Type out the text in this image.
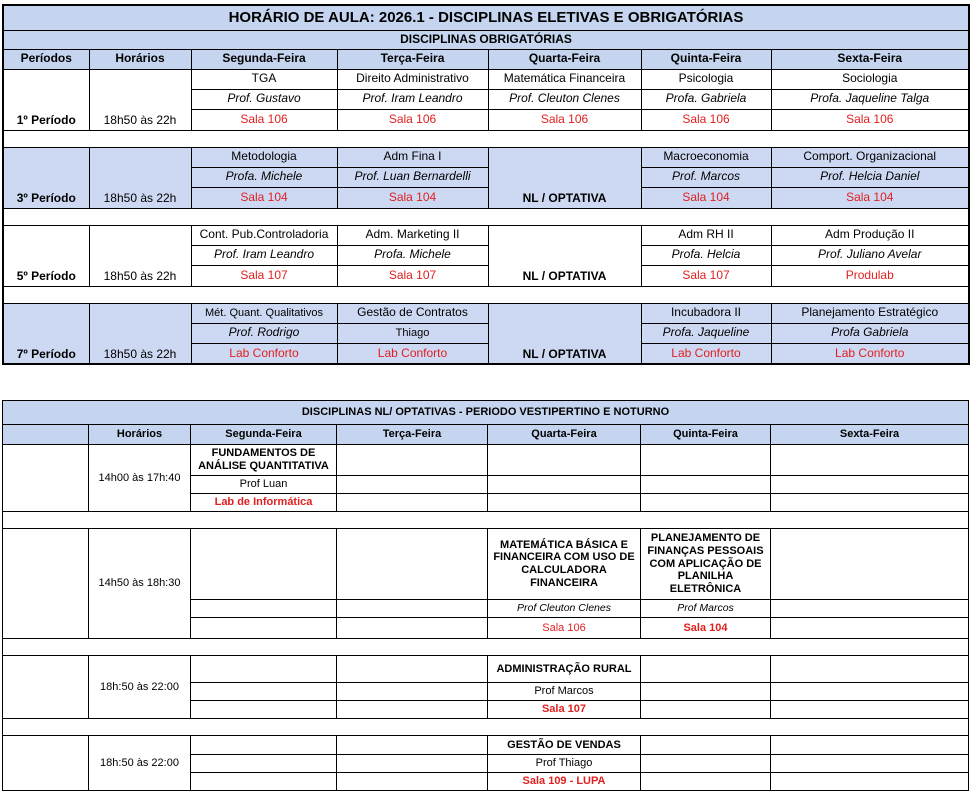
HORÁRIO DE AULA: 2026.1 - DISCIPLINAS ELETIVAS E OBRIGATÓRIAS						
DISCIPLINAS OBRIGATÓRIAS						
Períodos	Horários	Segunda-Feira	Terça-Feira	Quarta-Feira	Quinta-Feira	Sexta-Feira
1º Período	18h50 às 22h	TGA	Direito Administrativo	Matemática Financeira	Psicologia	Sociologia
		Prof. Gustavo	Prof. Iram Leandro	Prof. Cleuton Clenes	Profa. Gabriela	Profa. Jaqueline Talga
		Sala 106	Sala 106	Sala 106	Sala 106	Sala 106

3º Período	18h50 às 22h	Metodologia	Adm Fina I	NL / OPTATIVA	Macroeconomia	Comport. Organizacional
		Profa. Michele	Prof. Luan Bernardelli		Prof. Marcos	Prof. Helcia Daniel
		Sala 104	Sala 104		Sala 104	Sala 104

5º Período	18h50 às 22h	Cont. Pub.Controladoria	Adm. Marketing II	NL / OPTATIVA	Adm RH II	Adm Produção II
		Prof. Iram Leandro	Profa. Michele		Profa. Helcia	Prof. Juliano Avelar
		Sala 107	Sala 107		Sala 107	Produlab

7º Período	18h50 às 22h	Mét. Quant. Qualitativos	Gestão de Contratos	NL / OPTATIVA	Incubadora II	Planejamento Estratégico
		Prof. Rodrigo	Thiago		Profa. Jaqueline	Profa Gabriela
		Lab Conforto	Lab Conforto		Lab Conforto	Lab Conforto
DISCIPLINAS NL/ OPTATIVAS - PERIODO VESTIPERTINO E NOTURNO						
	Horários	Segunda-Feira	Terça-Feira	Quarta-Feira	Quinta-Feira	Sexta-Feira
	14h00 às 17h:40	FUNDAMENTOS DE ANÁLISE QUANTITATIVA				
		Prof Luan				
		Lab de Informática				

	14h50 às 18h:30			MATEMÁTICA BÁSICA E FINANCEIRA COM USO DE CALCULADORA FINANCEIRA	PLANEJAMENTO DE FINANÇAS PESSOAIS COM APLICAÇÃO DE PLANILHA ELETRÔNICA	
				Prof Cleuton Clenes	Prof Marcos	
				Sala 106	Sala 104	

	18h:50 às 22:00			ADMINISTRAÇÃO RURAL		
				Prof Marcos		
				Sala 107		

	18h:50 às 22:00			GESTÃO DE VENDAS		
				Prof Thiago		
				Sala 109 - LUPA		
